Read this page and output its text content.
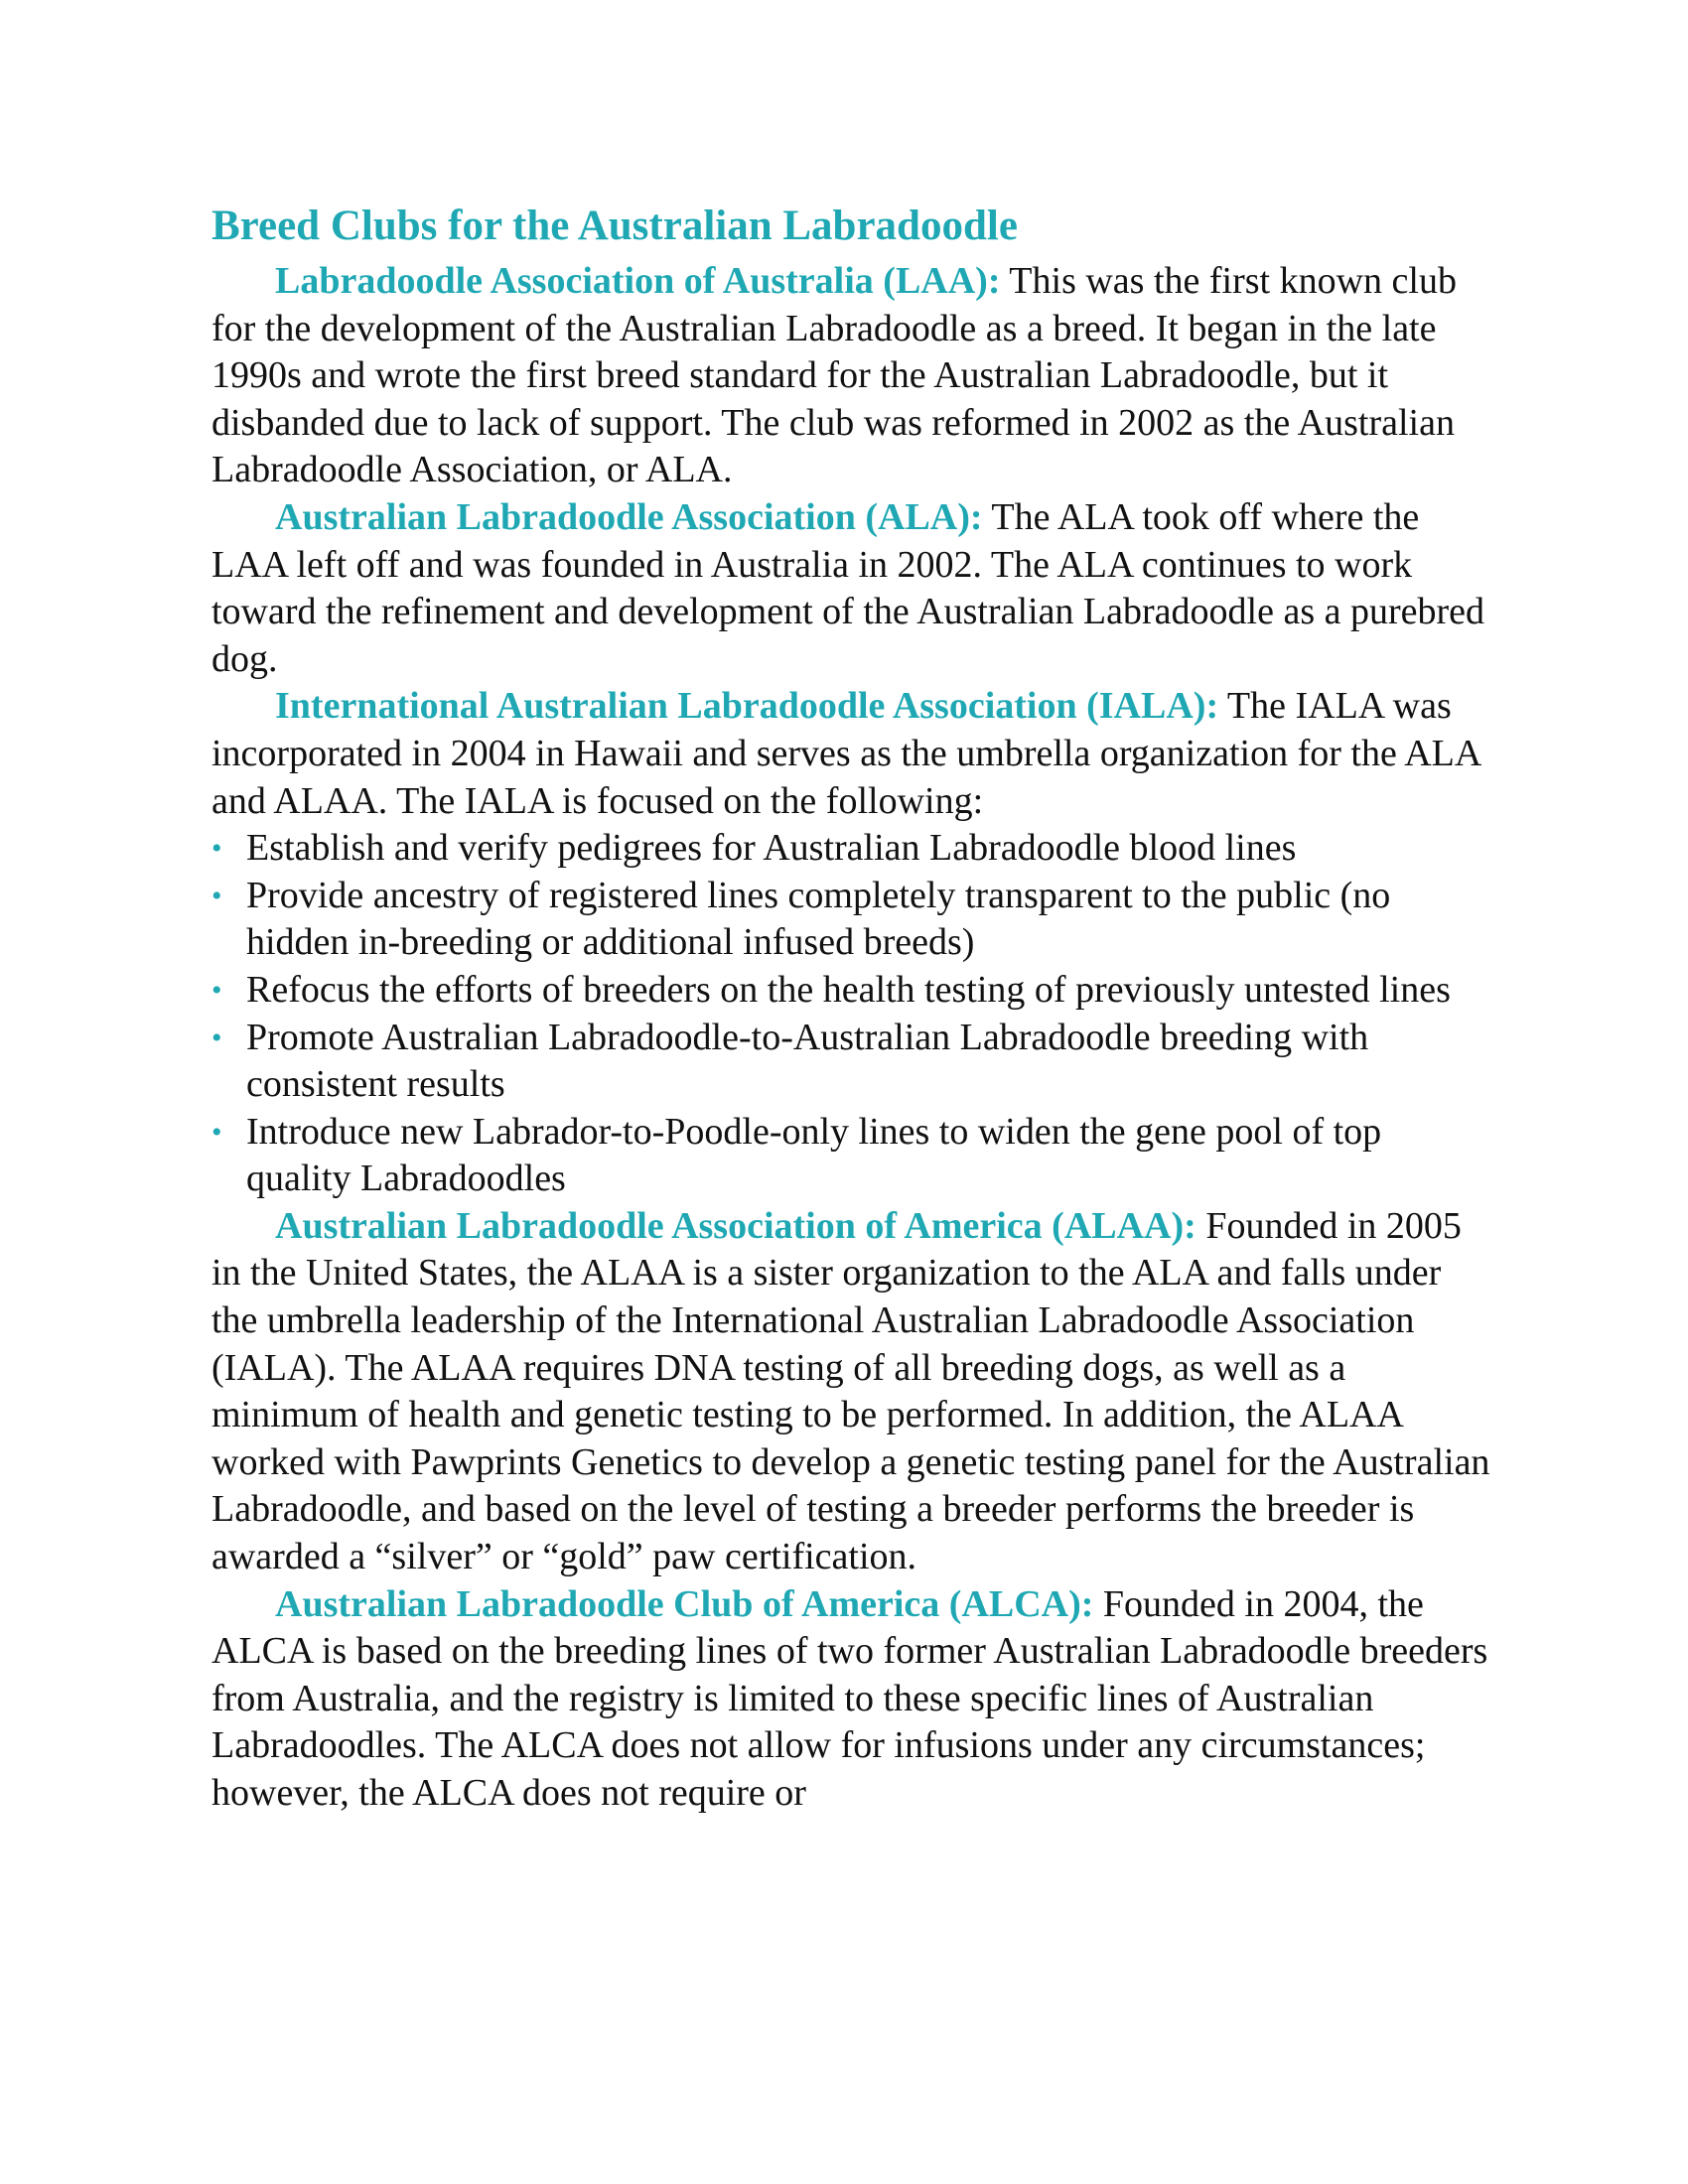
Breed Clubs for the Australian Labradoodle

Labradoodle Association of Australia (LAA): This was the first known club for the development of the Australian Labradoodle as a breed. It began in the late 1990s and wrote the first breed standard for the Australian Labradoodle, but it disbanded due to lack of support. The club was reformed in 2002 as the Australian Labradoodle Association, or ALA.

Australian Labradoodle Association (ALA): The ALA took off where the LAA left off and was founded in Australia in 2002. The ALA continues to work toward the refinement and development of the Australian Labradoodle as a purebred dog.

International Australian Labradoodle Association (IALA): The IALA was incorporated in 2004 in Hawaii and serves as the umbrella organization for the ALA and ALAA. The IALA is focused on the following:

• Establish and verify pedigrees for Australian Labradoodle blood lines
• Provide ancestry of registered lines completely transparent to the public (no hidden in-breeding or additional infused breeds)
• Refocus the efforts of breeders on the health testing of previously untested lines
• Promote Australian Labradoodle-to-Australian Labradoodle breeding with consistent results
• Introduce new Labrador-to-Poodle-only lines to widen the gene pool of top quality Labradoodles

Australian Labradoodle Association of America (ALAA): Founded in 2005 in the United States, the ALAA is a sister organization to the ALA and falls under the umbrella leadership of the International Australian Labradoodle Association (IALA). The ALAA requires DNA testing of all breeding dogs, as well as a minimum of health and genetic testing to be performed. In addition, the ALAA worked with Pawprints Genetics to develop a genetic testing panel for the Australian Labradoodle, and based on the level of testing a breeder performs the breeder is awarded a “silver” or “gold” paw certification.

Australian Labradoodle Club of America (ALCA): Founded in 2004, the ALCA is based on the breeding lines of two former Australian Labradoodle breeders from Australia, and the registry is limited to these specific lines of Australian Labradoodles. The ALCA does not allow for infusions under any circumstances; however, the ALCA does not require or
